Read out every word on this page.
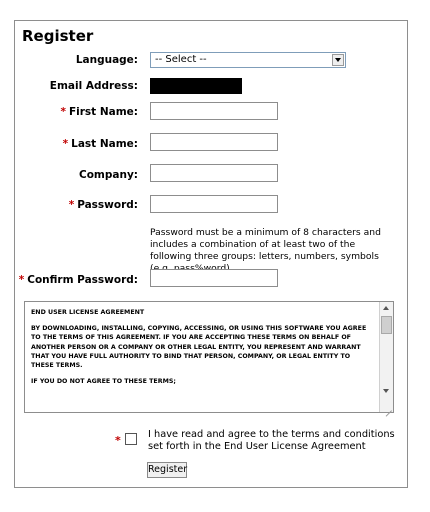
Register
Language: -- Select --
Email Address:
* First Name:
* Last Name:
Company:
* Password:
Password must be a minimum of 8 characters and includes a combination of at least two of the following three groups: letters, numbers, symbols
* Confirm Password:

END USER LICENSE AGREEMENT

BY DOWNLOADING, INSTALLING, COPYING, ACCESSING, OR USING THIS SOFTWARE YOU AGREE TO THE TERMS OF THIS AGREEMENT. IF YOU ARE ACCEPTING THESE TERMS ON BEHALF OF ANOTHER PERSON OR A COMPANY OR OTHER LEGAL ENTITY, YOU REPRESENT AND WARRANT THAT YOU HAVE FULL AUTHORITY TO BIND THAT PERSON, COMPANY, OR LEGAL ENTITY TO THESE TERMS.

IF YOU DO NOT AGREE TO THESE TERMS;

*	I have read and agree to the terms and conditions set forth in the End User License Agreement
Register
